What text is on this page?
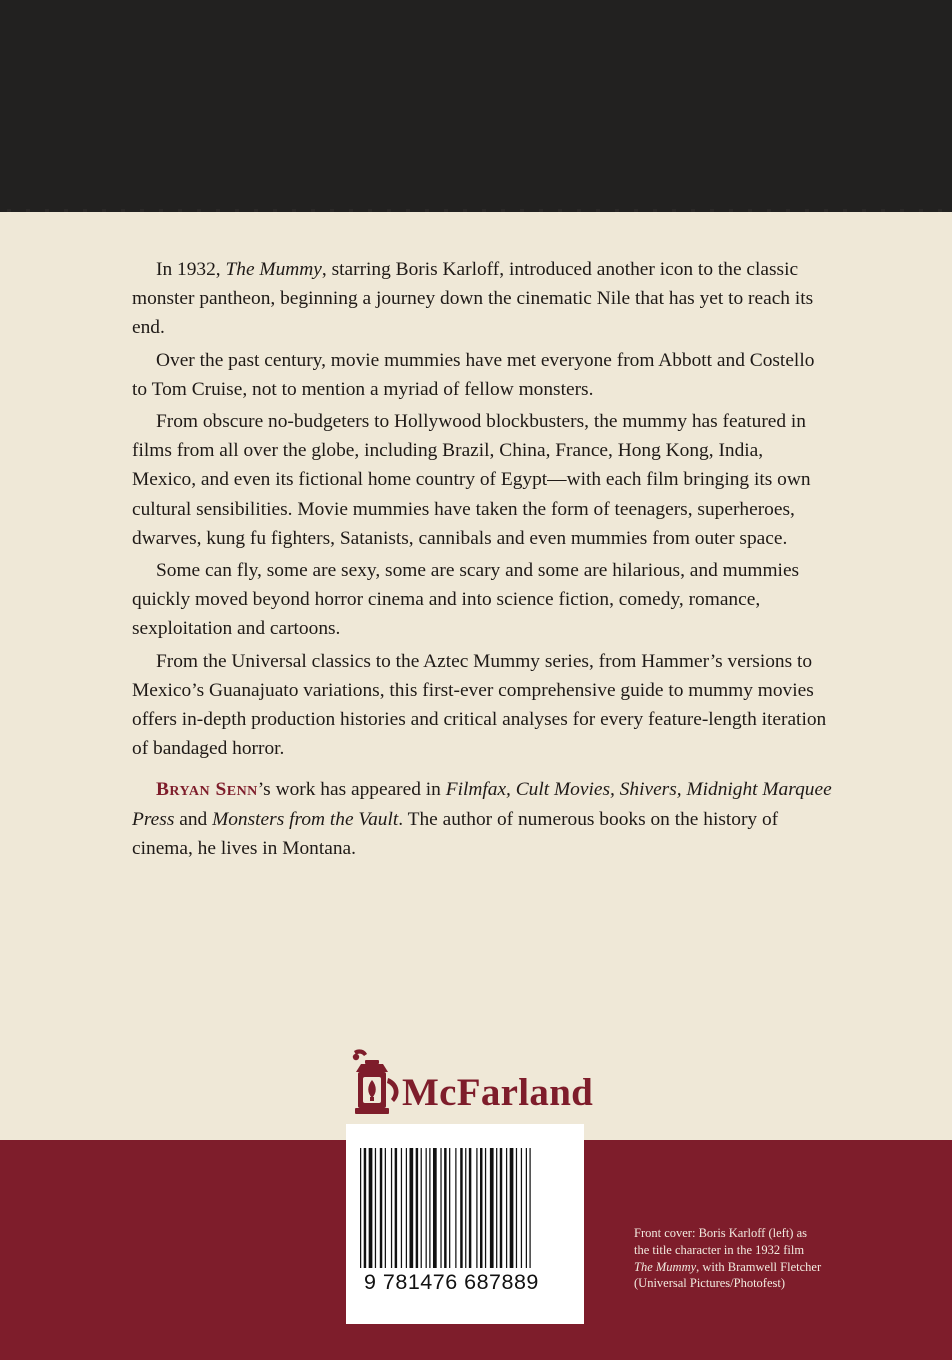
In 1932, The Mummy, starring Boris Karloff, introduced another icon to the classic monster pantheon, beginning a journey down the cinematic Nile that has yet to reach its end.

Over the past century, movie mummies have met everyone from Abbott and Costello to Tom Cruise, not to mention a myriad of fellow monsters.

From obscure no-budgeters to Hollywood blockbusters, the mummy has featured in films from all over the globe, including Brazil, China, France, Hong Kong, India, Mexico, and even its fictional home country of Egypt—with each film bringing its own cultural sensibilities. Movie mummies have taken the form of teenagers, superheroes, dwarves, kung fu fighters, Satanists, cannibals and even mummies from outer space.

Some can fly, some are sexy, some are scary and some are hilarious, and mummies quickly moved beyond horror cinema and into science fiction, comedy, romance, sexploitation and cartoons.

From the Universal classics to the Aztec Mummy series, from Hammer’s versions to Mexico’s Guanajuato variations, this first-ever comprehensive guide to mummy movies offers in-depth production histories and critical analyses for every feature-length iteration of bandaged horror.

Bryan Senn’s work has appeared in Filmfax, Cult Movies, Shivers, Midnight Marquee Press and Monsters from the Vault. The author of numerous books on the history of cinema, he lives in Montana.

McFarland
9 781476 687889
Front cover: Boris Karloff (left) as
the title character in the 1932 film
The Mummy, with Bramwell Fletcher
(Universal Pictures/Photofest)
